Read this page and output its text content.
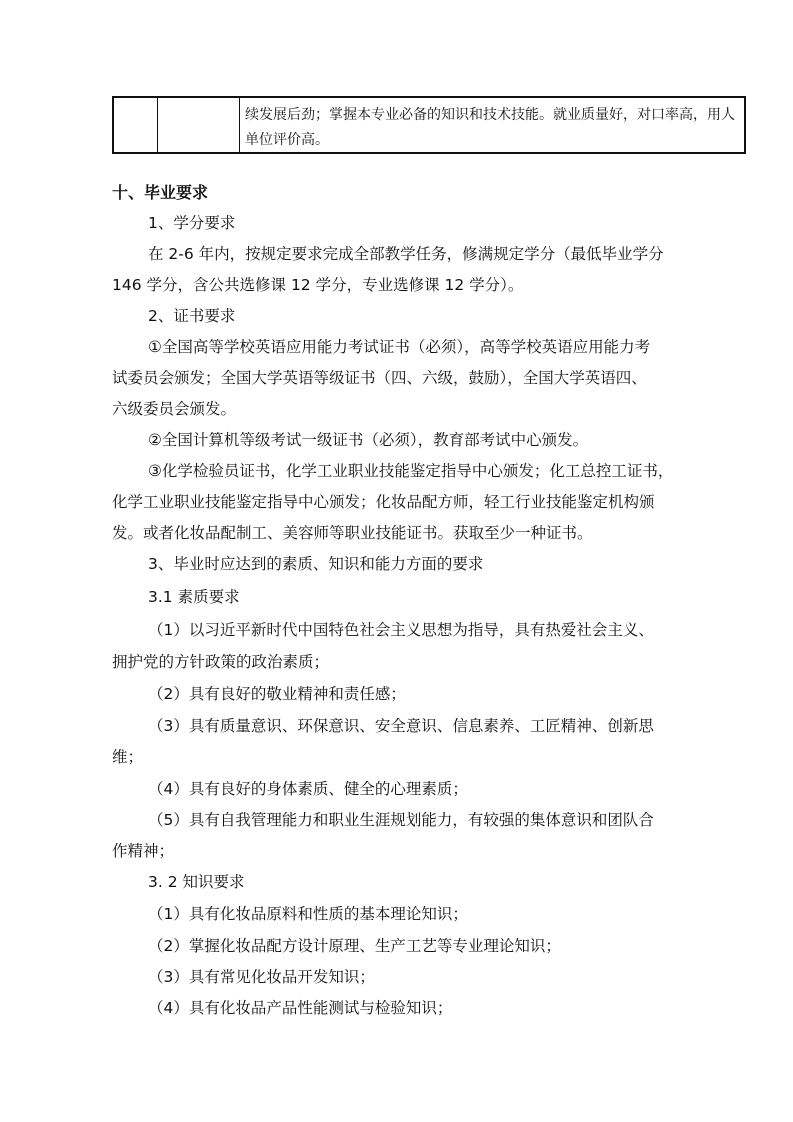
续发展后劲；掌握本专业必备的知识和技术技能。就业质量好，对口率高，用人单位评价高。
十、毕业要求
1、学分要求
在 2-6 年内，按规定要求完成全部教学任务，修满规定学分（最低毕业学分
146 学分，含公共选修课 12 学分，专业选修课 12 学分）。
2、证书要求
①全国高等学校英语应用能力考试证书（必须），高等学校英语应用能力考
试委员会颁发；全国大学英语等级证书（四、六级，鼓励），全国大学英语四、
六级委员会颁发。
②全国计算机等级考试一级证书（必须），教育部考试中心颁发。
③化学检验员证书，化学工业职业技能鉴定指导中心颁发；化工总控工证书，
化学工业职业技能鉴定指导中心颁发；化妆品配方师，轻工行业技能鉴定机构颁
发。或者化妆品配制工、美容师等职业技能证书。获取至少一种证书。
3、毕业时应达到的素质、知识和能力方面的要求
3.1 素质要求
（1）以习近平新时代中国特色社会主义思想为指导，具有热爱社会主义、
拥护党的方针政策的政治素质；
（2）具有良好的敬业精神和责任感；
（3）具有质量意识、环保意识、安全意识、信息素养、工匠精神、创新思
维；
（4）具有良好的身体素质、健全的心理素质；
（5）具有自我管理能力和职业生涯规划能力，有较强的集体意识和团队合
作精神；
3. 2 知识要求
（1）具有化妆品原料和性质的基本理论知识；
（2）掌握化妆品配方设计原理、生产工艺等专业理论知识；
（3）具有常见化妆品开发知识；
（4）具有化妆品产品性能测试与检验知识；
